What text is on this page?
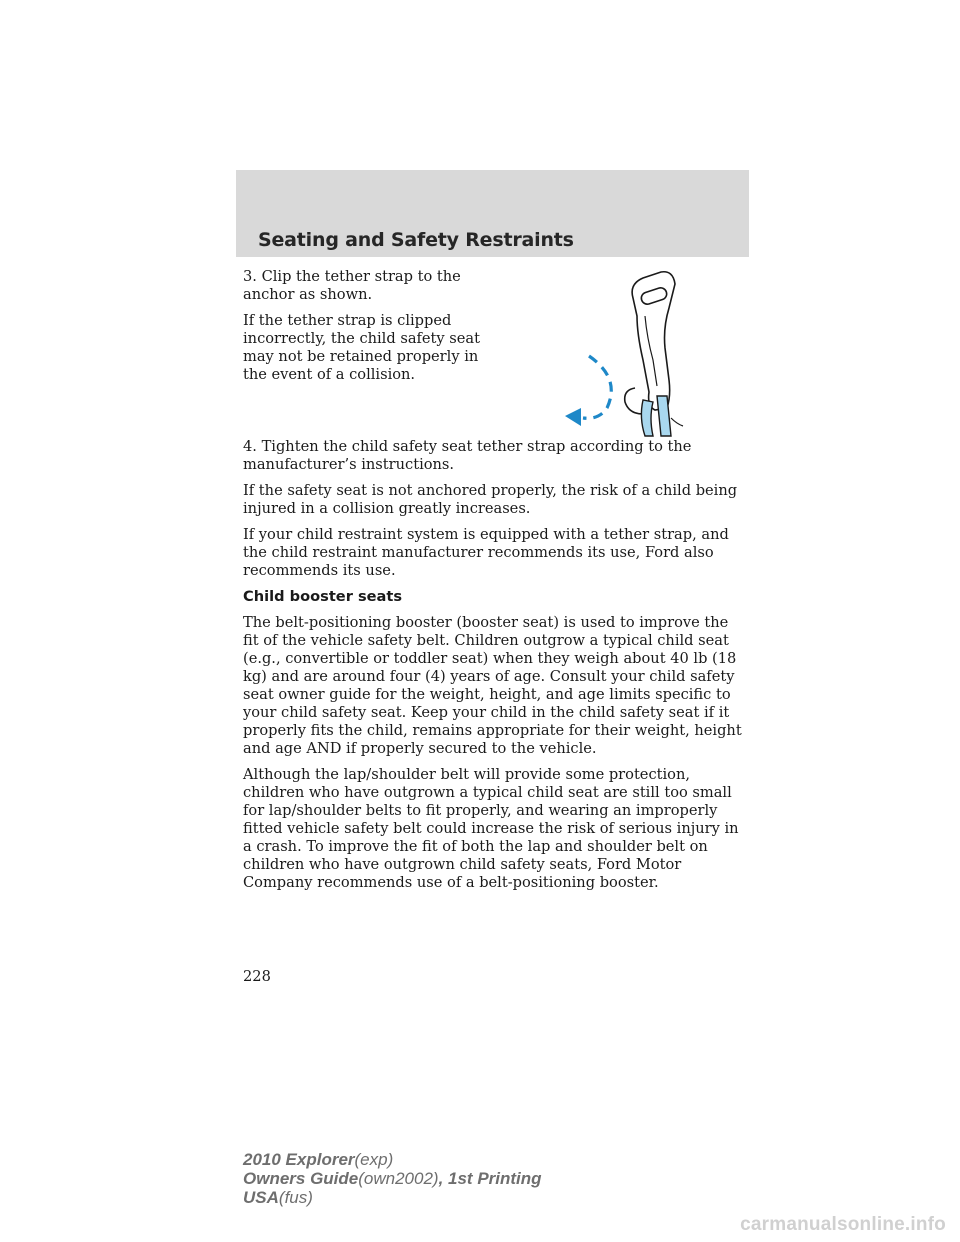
Seating and Safety Restraints

3. Clip the tether strap to the anchor as shown.

If the tether strap is clipped incorrectly, the child safety seat may not be retained properly in the event of a collision.

4. Tighten the child safety seat tether strap according to the manufacturer’s instructions.

If the safety seat is not anchored properly, the risk of a child being injured in a collision greatly increases.

If your child restraint system is equipped with a tether strap, and the child restraint manufacturer recommends its use, Ford also recommends its use.

Child booster seats

The belt-positioning booster (booster seat) is used to improve the fit of the vehicle safety belt. Children outgrow a typical child seat (e.g., convertible or toddler seat) when they weigh about 40 lb (18 kg) and are around four (4) years of age. Consult your child safety seat owner guide for the weight, height, and age limits specific to your child safety seat. Keep your child in the child safety seat if it properly fits the child, remains appropriate for their weight, height and age AND if properly secured to the vehicle.

Although the lap/shoulder belt will provide some protection, children who have outgrown a typical child seat are still too small for lap/shoulder belts to fit properly, and wearing an improperly fitted vehicle safety belt could increase the risk of serious injury in a crash. To improve the fit of both the lap and shoulder belt on children who have outgrown child safety seats, Ford Motor Company recommends use of a belt-positioning booster.

228
2010 Explorer(exp)
Owners Guide(own2002), 1st Printing
USA(fus)
carmanualsonline.info
